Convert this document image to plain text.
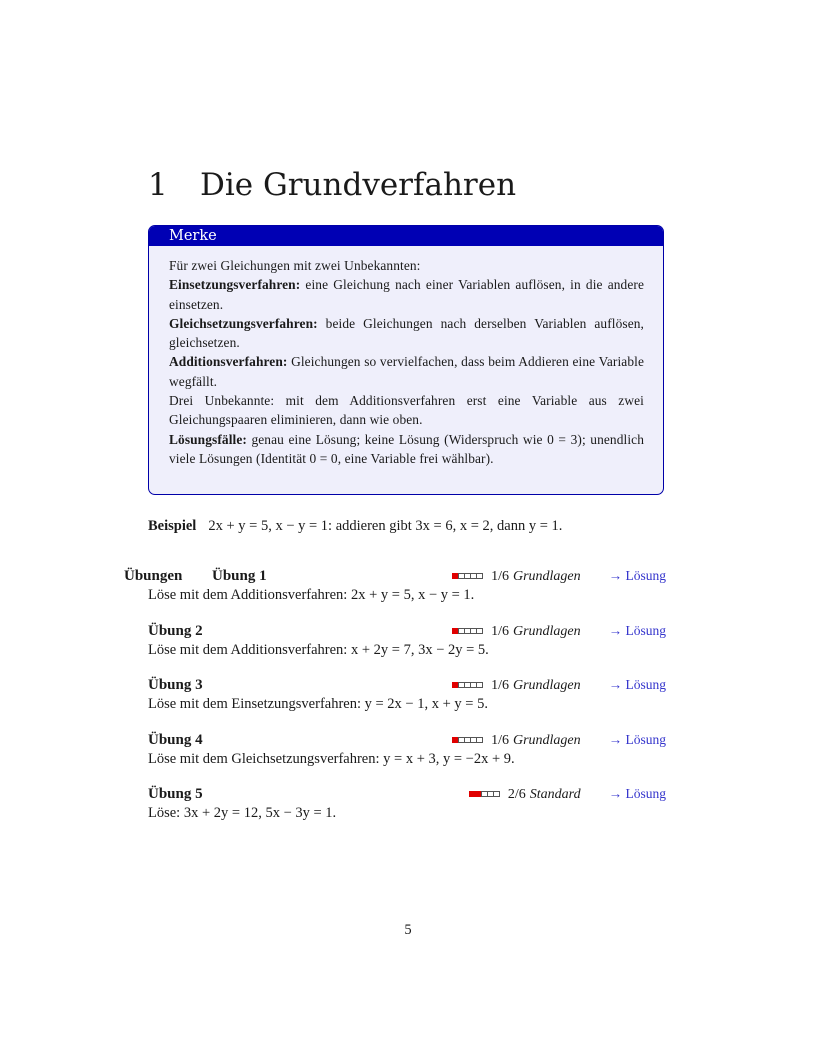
1 Die Grundverfahren
Merke

Für zwei Gleichungen mit zwei Unbekannten:

Einsetzungsverfahren: eine Gleichung nach einer Variablen auflösen, in die andere einsetzen.

Gleichsetzungsverfahren: beide Gleichungen nach derselben Variablen auflösen, gleichsetzen.

Additionsverfahren: Gleichungen so vervielfachen, dass beim Addieren eine Variable wegfällt.

Drei Unbekannte: mit dem Additionsverfahren erst eine Variable aus zwei Gleichungspaaren eliminieren, dann wie oben.

Lösungsfälle: genau eine Lösung; keine Lösung (Widerspruch wie 0 = 3); unendlich viele Lösungen (Identität 0 = 0, eine Variable frei wählbar).

Beispiel 2x + y = 5, x − y = 1: addieren gibt 3x = 6, x = 2, dann y = 1.
Übungen Übung 1	1/6 Grundlagen → Lösung
Löse mit dem Additionsverfahren: 2x + y = 5, x − y = 1.
Übung 2	1/6 Grundlagen → Lösung
Löse mit dem Additionsverfahren: x + 2y = 7, 3x − 2y = 5.
Übung 3	1/6 Grundlagen → Lösung
Löse mit dem Einsetzungsverfahren: y = 2x − 1, x + y = 5.
Übung 4	1/6 Grundlagen → Lösung
Löse mit dem Gleichsetzungsverfahren: y = x + 3, y = −2x + 9.
Übung 5	2/6 Standard → Lösung
Löse: 3x + 2y = 12, 5x − 3y = 1.
5
